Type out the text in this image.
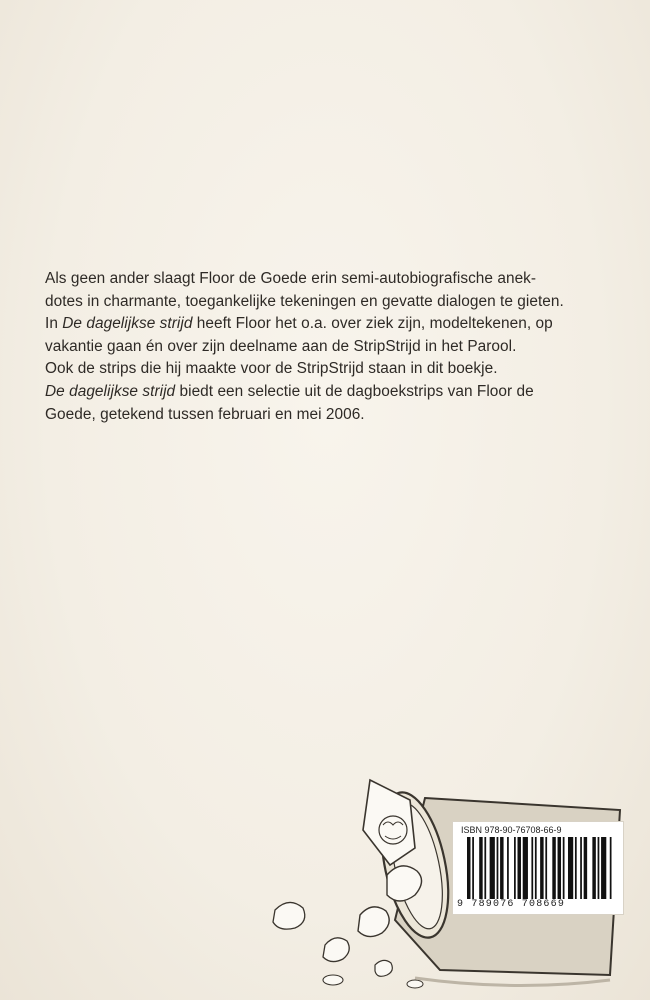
Als geen ander slaagt Floor de Goede erin semi-autobiografische anek-
dotes in charmante, toegankelijke tekeningen en gevatte dialogen te gieten.
In De dagelijkse strijd heeft Floor het o.a. over ziek zijn, modeltekenen, op
vakantie gaan én over zijn deelname aan de StripStrijd in het Parool.
Ook de strips die hij maakte voor de StripStrijd staan in dit boekje.
De dagelijkse strijd biedt een selectie uit de dagboekstrips van Floor de
Goede, getekend tussen februari en mei 2006.
ISBN 978-90-76708-66-9
9 789076 708669
